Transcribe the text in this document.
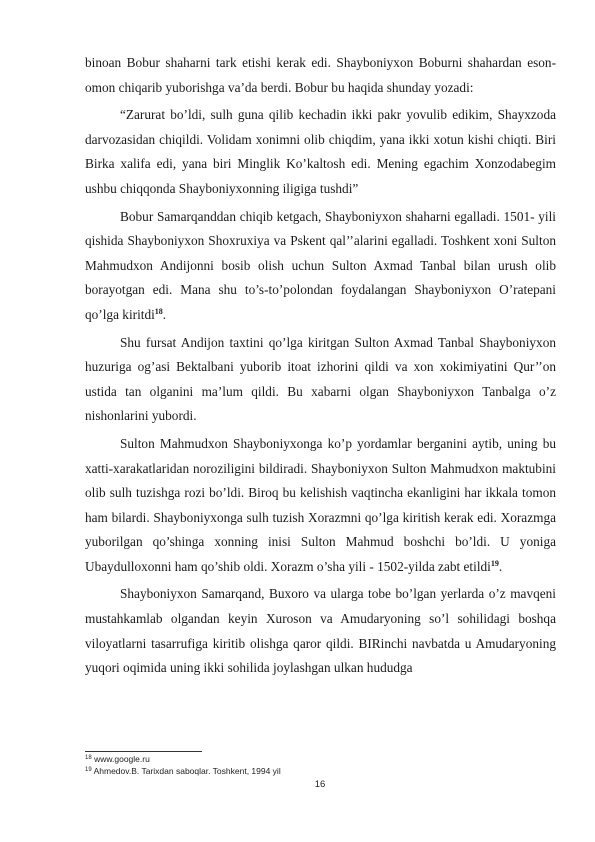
binoan Bobur shaharni tark etishi kerak edi. Shayboniyxon Boburni shahardan eson-omon chiqarib yuborishga va’da berdi. Bobur bu haqida shunday yozadi:

“Zarurat bo’ldi, sulh guna qilib kechadin ikki pakr yovulib edikim, Shayxzoda darvozasidan chiqildi. Volidam xonimni olib chiqdim, yana ikki xotun kishi chiqti. Biri Birka xalifa edi, yana biri Minglik Ko’kaltosh edi. Mening egachim Xonzodabegim ushbu chiqqonda Shayboniyxonning iligiga tushdi”

Bobur Samarqanddan chiqib ketgach, Shayboniyxon shaharni egalladi. 1501- yili qishida Shayboniyxon Shoxruxiya va Pskent qal’’alarini egalladi. Toshkent xoni Sulton Mahmudxon Andijonni bosib olish uchun Sulton Axmad Tanbal bilan urush olib borayotgan edi. Mana shu to’s-to’polondan foydalangan Shayboniyxon O’ratepani qo’lga kiritdi$^{18}$.

Shu fursat Andijon taxtini qo’lga kiritgan Sulton Axmad Tanbal Shayboniyxon huzuriga og’asi Bektalbani yuborib itoat izhorini qildi va xon xokimiyatini Qur’’on ustida tan olganini ma’lum qildi. Bu xabarni olgan Shayboniyxon Tanbalga o’z nishonlarini yubordi.

Sulton Mahmudxon Shayboniyxonga ko’p yordamlar berganini aytib, uning bu xatti-xarakatlaridan noroziligini bildiradi. Shayboniyxon Sulton Mahmudxon maktubini olib sulh tuzishga rozi bo’ldi. Biroq bu kelishish vaqtincha ekanligini har ikkala tomon ham bilardi. Shayboniyxonga sulh tuzish Xorazmni qo’lga kiritish kerak edi. Xorazmga yuborilgan qo’shinga xonning inisi Sulton Mahmud boshchi bo’ldi. U yoniga Ubaydulloxonni ham qo’shib oldi. Xorazm o’sha yili - 1502-yilda zabt etildi$^{19}$.

Shayboniyxon Samarqand, Buxoro va ularga tobe bo’lgan yerlarda o’z mavqeni mustahkamlab olgandan keyin Xuroson va Amudaryoning so’l sohilidagi boshqa viloyatlarni tasarrufiga kiritib olishga qaror qildi. BIRinchi navbatda u Amudaryoning yuqori oqimida uning ikki sohilida joylashgan ulkan hududga

$^{18}$ www.google.ru
$^{19}$ Ahmedov.B. Tarixdan saboqlar. Toshkent, 1994 yil
16
